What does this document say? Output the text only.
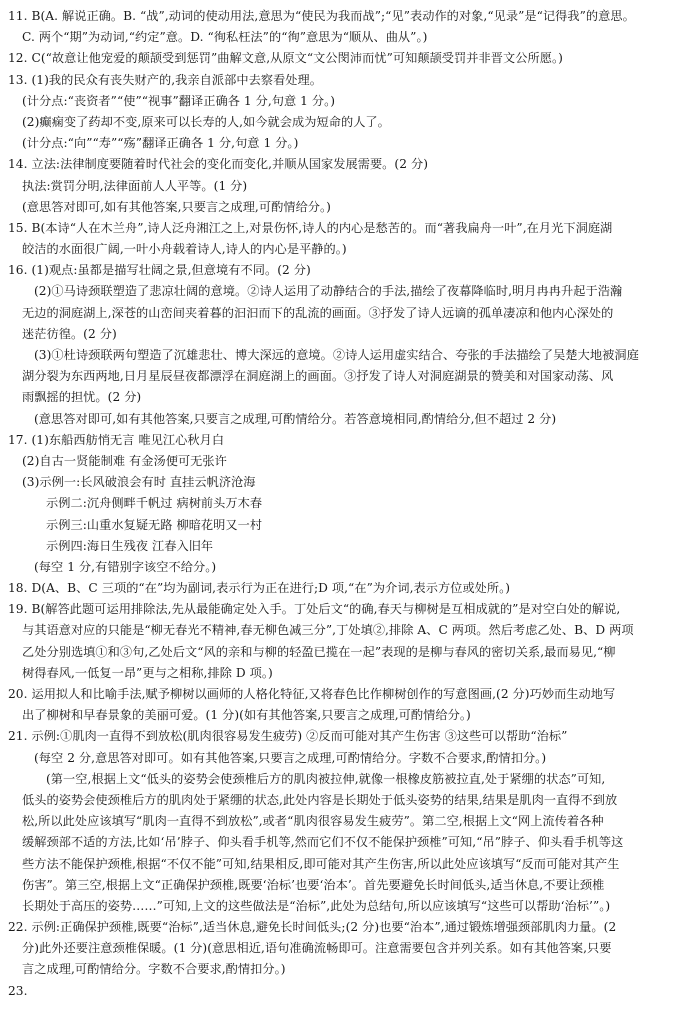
11. B(A. 解说正确。B. “战”,动词的使动用法,意思为“使民为我而战”;“见”表动作的对象,“见录”是“记得我”的意思。
C. 两个“期”为动词,“约定”意。D. “徇私枉法”的“徇”意思为“顺从、曲从”。)
12. C(“故意让他宠爱的颠颉受到惩罚”曲解文意,从原文“文公閔沛而忧”可知颠颉受罚并非晋文公所愿。)
13. (1)我的民众有丧失财产的,我亲自派部中去察看处理。
(计分点:“丧资者”“使”“视事”翻译正确各 1 分,句意 1 分。)
(2)癫痫变了药却不变,原来可以长寿的人,如今就会成为短命的人了。
(计分点:“向”“寿”“殇”翻译正确各 1 分,句意 1 分。)
14. 立法:法律制度要随着时代社会的变化而变化,并顺从国家发展需要。(2 分)
执法:赏罚分明,法律面前人人平等。(1 分)
(意思答对即可,如有其他答案,只要言之成理,可酌情给分。)
15. B(本诗“人在木兰舟”,诗人泛舟湘江之上,对景伤怀,诗人的内心是愁苦的。而“著我扁舟一叶”,在月光下洞庭湖
皎洁的水面很广阔,一叶小舟载着诗人,诗人的内心是平静的。)
16. (1)观点:虽都是描写壮阔之景,但意境有不同。(2 分)
(2)①马诗颈联塑造了悲凉壮阔的意境。②诗人运用了动静结合的手法,描绘了夜幕降临时,明月冉冉升起于浩瀚
无边的洞庭湖上,深苍的山峦间夹着暮的汩汩而下的乱流的画面。③抒发了诗人远谪的孤单凄凉和他内心深处的
迷茫彷徨。(2 分)
(3)①杜诗颈联两句塑造了沉雄悲壮、博大深远的意境。②诗人运用虚实结合、夸张的手法描绘了吴楚大地被洞庭
湖分裂为东西两地,日月星辰昼夜都漂浮在洞庭湖上的画面。③抒发了诗人对洞庭湖景的赞美和对国家动荡、风
雨飘摇的担忧。(2 分)
(意思答对即可,如有其他答案,只要言之成理,可酌情给分。若答意境相同,酌情给分,但不超过 2 分)
17. (1)东船西舫悄无言 唯见江心秋月白
(2)自古一贤能制难 有金汤便可无张许
(3)示例一:长风破浪会有时 直挂云帆济沧海
示例二:沉舟侧畔千帆过 病树前头万木春
示例三:山重水复疑无路 柳暗花明又一村
示例四:海日生残夜 江春入旧年
(每空 1 分,有错别字该空不给分。)
18. D(A、B、C 三项的“在”均为副词,表示行为正在进行;D 项,“在”为介词,表示方位或处所。)
19. B(解答此题可运用排除法,先从最能确定处入手。丁处后文“的确,春天与柳树是互相成就的”是对空白处的解说,
与其语意对应的只能是“柳无春光不精神,春无柳色减三分”,丁处填②,排除 A、C 两项。然后考虑乙处、B、D 两项
乙处分别选填①和③句,乙处后文“风的亲和与柳的轻盈已揽在一起”表现的是柳与春风的密切关系,最而易见,“柳
树得春风,一低复一昂”更与之相称,排除 D 项。)
20. 运用拟人和比喻手法,赋予柳树以画师的人格化特征,又将春色比作柳树创作的写意图画,(2 分)巧妙而生动地写
出了柳树和早春景象的美丽可爱。(1 分)(如有其他答案,只要言之成理,可酌情给分。)
21. 示例:①肌肉一直得不到放松(肌肉很容易发生疲劳) ②反而可能对其产生伤害 ③这些可以帮助“治标”
(每空 2 分,意思答对即可。如有其他答案,只要言之成理,可酌情给分。字数不合要求,酌情扣分。)
(第一空,根据上文“低头的姿势会使颈椎后方的肌肉被拉伸,就像一根橡皮筋被拉直,处于紧绷的状态”可知,
低头的姿势会使颈椎后方的肌肉处于紧绷的状态,此处内容是长期处于低头姿势的结果,结果是肌肉一直得不到放
松,所以此处应该填写“肌肉一直得不到放松”,或者“肌肉很容易发生疲劳”。第二空,根据上文“网上流传着各种
缓解颈部不适的方法,比如‘吊’脖子、仰头看手机等,然而它们不仅不能保护颈椎”可知,“吊”脖子、仰头看手机等这
些方法不能保护颈椎,根据“不仅不能”可知,结果相反,即可能对其产生伤害,所以此处应该填写“反而可能对其产生
伤害”。第三空,根据上文“正确保护颈椎,既要‘治标’也要‘治本’。首先要避免长时间低头,适当休息,不要让颈椎
长期处于高压的姿势……”可知,上文的这些做法是“治标”,此处为总结句,所以应该填写“这些可以帮助‘治标’”。)
22. 示例:正确保护颈椎,既要“治标”,适当休息,避免长时间低头;(2 分)也要“治本”,通过锻炼增强颈部肌肉力量。(2
分)此外还要注意颈椎保暖。(1 分)(意思相近,语句准确流畅即可。注意需要包含并列关系。如有其他答案,只要
言之成理,可酌情给分。字数不合要求,酌情扣分。)
23.
